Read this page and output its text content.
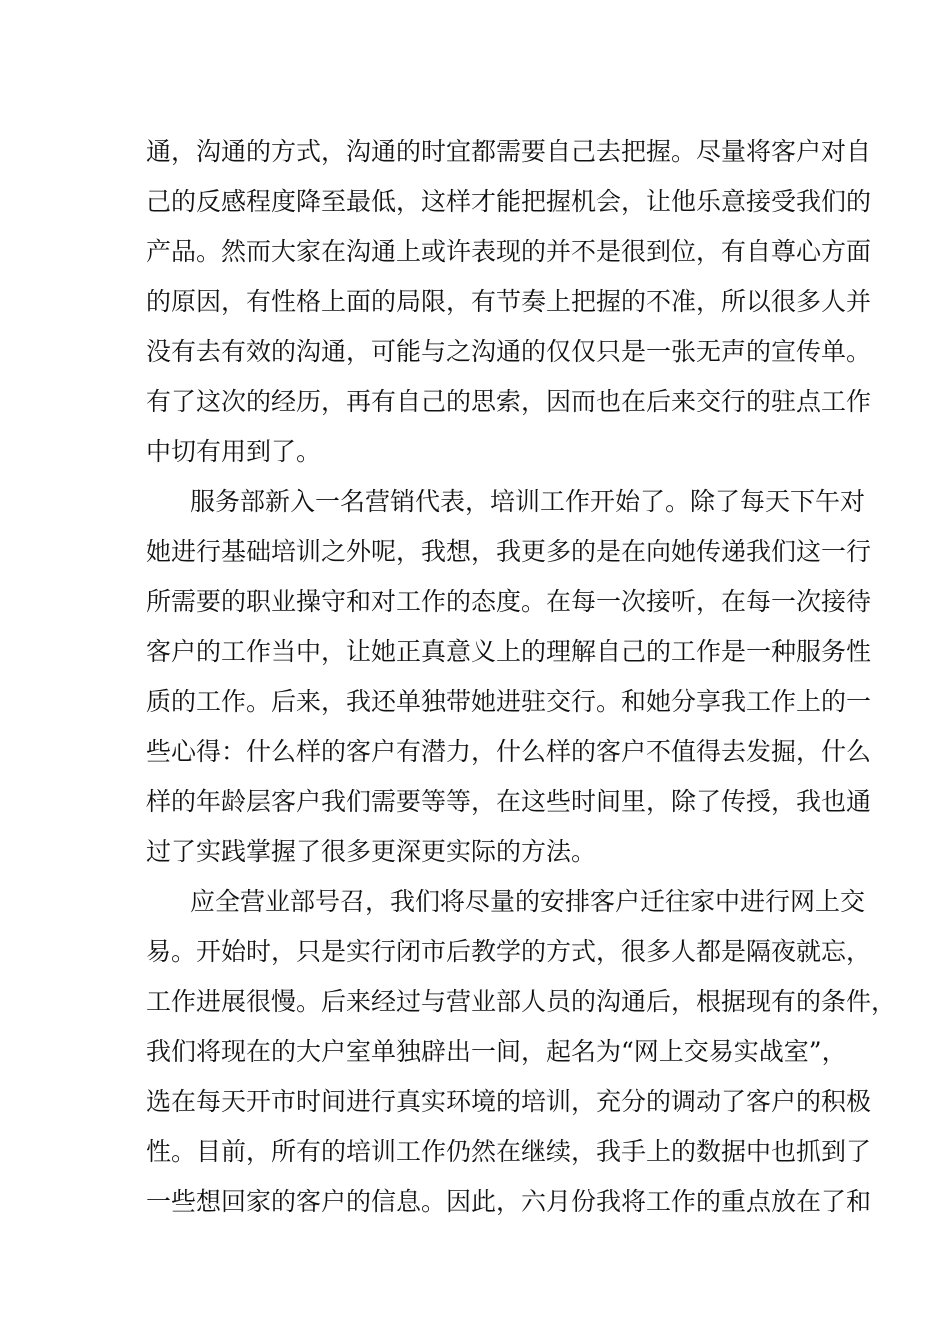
通，沟通的方式，沟通的时宜都需要自己去把握。尽量将客户对自
己的反感程度降至最低，这样才能把握机会，让他乐意接受我们的
产品。然而大家在沟通上或许表现的并不是很到位，有自尊心方面
的原因，有性格上面的局限，有节奏上把握的不准，所以很多人并
没有去有效的沟通，可能与之沟通的仅仅只是一张无声的宣传单。
有了这次的经历，再有自己的思索，因而也在后来交行的驻点工作
中切有用到了。
服务部新入一名营销代表，培训工作开始了。除了每天下午对
她进行基础培训之外呢，我想，我更多的是在向她传递我们这一行
所需要的职业操守和对工作的态度。在每一次接听，在每一次接待
客户的工作当中，让她正真意义上的理解自己的工作是一种服务性
质的工作。后来，我还单独带她进驻交行。和她分享我工作上的一
些心得：什么样的客户有潜力，什么样的客户不值得去发掘，什么
样的年龄层客户我们需要等等，在这些时间里，除了传授，我也通
过了实践掌握了很多更深更实际的方法。
应全营业部号召，我们将尽量的安排客户迁往家中进行网上交
易。开始时，只是实行闭市后教学的方式，很多人都是隔夜就忘，
工作进展很慢。后来经过与营业部人员的沟通后，根据现有的条件，
我们将现在的大户室单独辟出一间，起名为“网上交易实战室”，
选在每天开市时间进行真实环境的培训，充分的调动了客户的积极
性。目前，所有的培训工作仍然在继续，我手上的数据中也抓到了
一些想回家的客户的信息。因此，六月份我将工作的重点放在了和
